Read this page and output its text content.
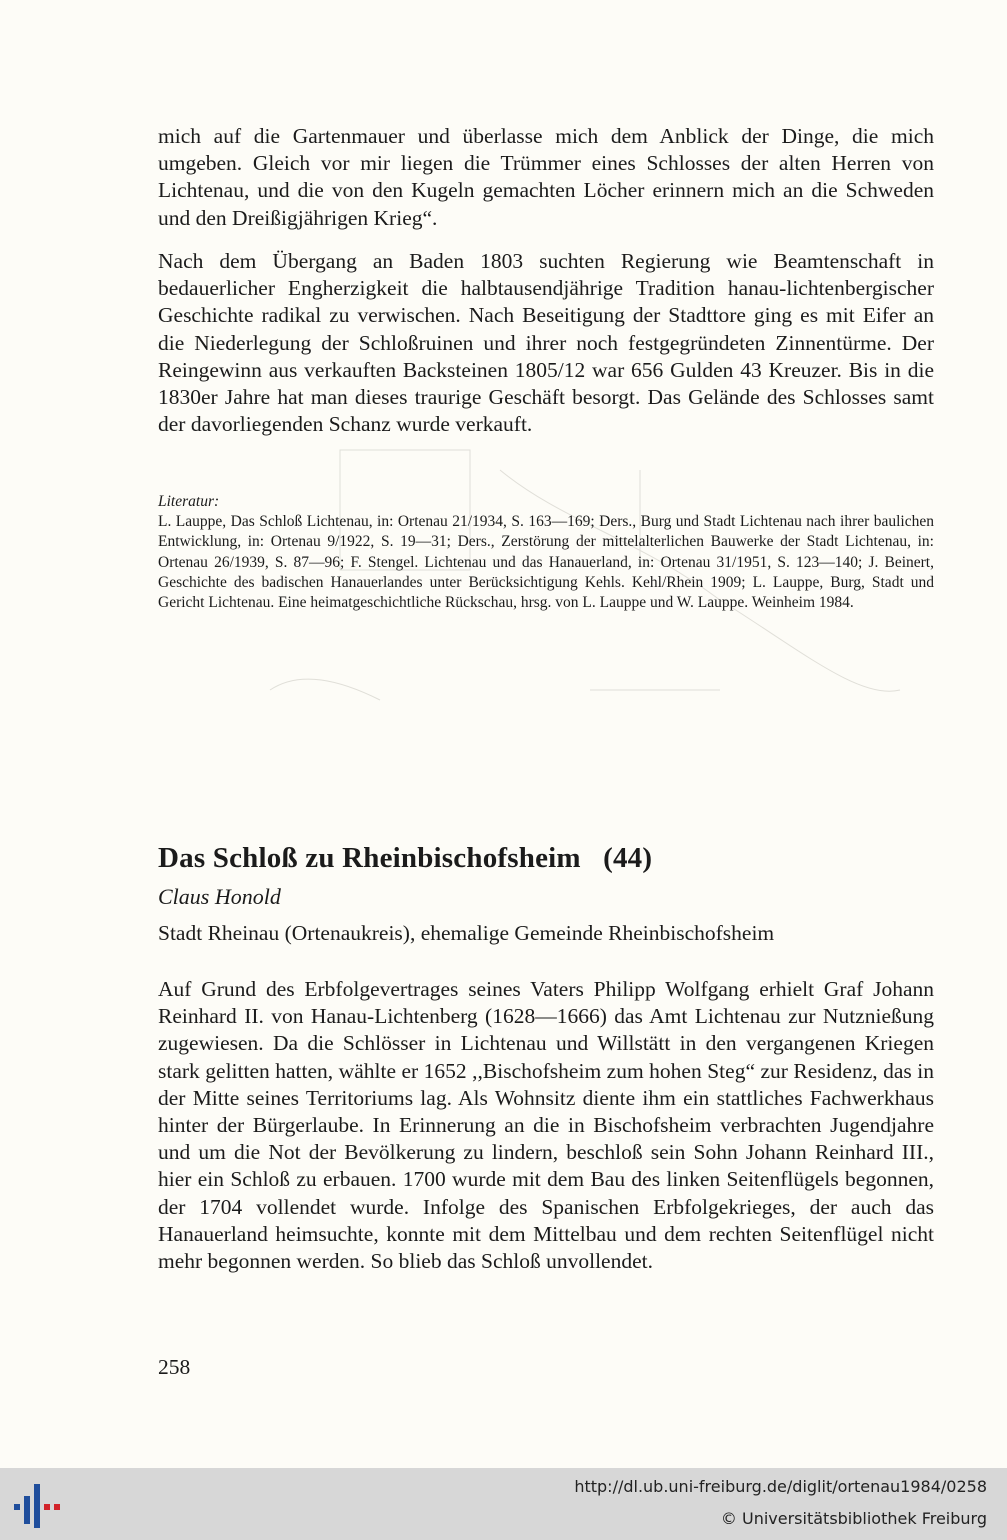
mich auf die Gartenmauer und überlasse mich dem Anblick der Dinge, die mich umgeben. Gleich vor mir liegen die Trümmer eines Schlosses der alten Herren von Lichtenau, und die von den Kugeln gemachten Löcher erinnern mich an die Schweden und den Dreißigjährigen Krieg“.
Nach dem Übergang an Baden 1803 suchten Regierung wie Beamtenschaft in bedauerlicher Engherzigkeit die halbtausendjährige Tradition hanau-lichtenbergischer Geschichte radikal zu verwischen. Nach Beseitigung der Stadttore ging es mit Eifer an die Niederlegung der Schloßruinen und ihrer noch festgegründeten Zinnentürme. Der Reingewinn aus verkauften Backsteinen 1805/12 war 656 Gulden 43 Kreuzer. Bis in die 1830er Jahre hat man dieses traurige Geschäft besorgt. Das Gelände des Schlosses samt der davorliegenden Schanz wurde verkauft.
Literatur:
L. Lauppe, Das Schloß Lichtenau, in: Ortenau 21/1934, S. 163—169; Ders., Burg und Stadt Lichtenau nach ihrer baulichen Entwicklung, in: Ortenau 9/1922, S. 19—31; Ders., Zerstörung der mittelalterlichen Bauwerke der Stadt Lichtenau, in: Ortenau 26/1939, S. 87—96; F. Stengel. Lichtenau und das Hanauerland, in: Ortenau 31/1951, S. 123—140; J. Beinert, Geschichte des badischen Hanauerlandes unter Berücksichtigung Kehls. Kehl/Rhein 1909; L. Lauppe, Burg, Stadt und Gericht Lichtenau. Eine heimatgeschichtliche Rückschau, hrsg. von L. Lauppe und W. Lauppe. Weinheim 1984.
Das Schloß zu Rheinbischofsheim   (44)
Claus Honold
Stadt Rheinau (Ortenaukreis), ehemalige Gemeinde Rheinbischofsheim
Auf Grund des Erbfolgevertrages seines Vaters Philipp Wolfgang erhielt Graf Johann Reinhard II. von Hanau-Lichtenberg (1628—1666) das Amt Lichtenau zur Nutznießung zugewiesen. Da die Schlösser in Lichtenau und Willstätt in den vergangenen Kriegen stark gelitten hatten, wählte er 1652 ,,Bischofsheim zum hohen Steg“ zur Residenz, das in der Mitte seines Territoriums lag. Als Wohnsitz diente ihm ein stattliches Fachwerkhaus hinter der Bürgerlaube. In Erinnerung an die in Bischofsheim verbrachten Jugendjahre und um die Not der Bevölkerung zu lindern, beschloß sein Sohn Johann Reinhard III., hier ein Schloß zu erbauen. 1700 wurde mit dem Bau des linken Seitenflügels begonnen, der 1704 vollendet wurde. Infolge des Spanischen Erbfolgekrieges, der auch das Hanauerland heimsuchte, konnte mit dem Mittelbau und dem rechten Seitenflügel nicht mehr begonnen werden. So blieb das Schloß unvollendet.
258
http://dl.ub.uni-freiburg.de/diglit/ortenau1984/0258
© Universitätsbibliothek Freiburg
